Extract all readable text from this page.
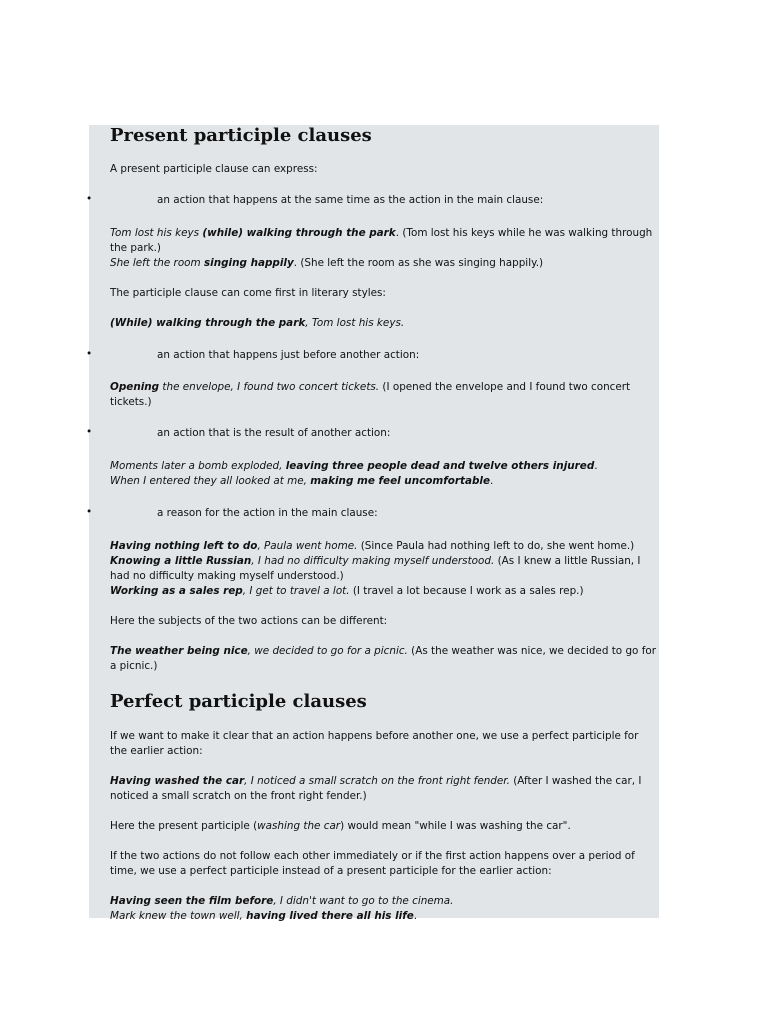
Present participle clauses

A present participle clause can express:

•	an action that happens at the same time as the action in the main clause:

Tom lost his keys (while) walking through the park. (Tom lost his keys while he was walking through the park.)

She left the room singing happily. (She left the room as she was singing happily.)

The participle clause can come first in literary styles:

(While) walking through the park, Tom lost his keys.

•	an action that happens just before another action:

Opening the envelope, I found two concert tickets. (I opened the envelope and I found two concert tickets.)

•	an action that is the result of another action:

Moments later a bomb exploded, leaving three people dead and twelve others injured.

When I entered they all looked at me, making me feel uncomfortable.

•	a reason for the action in the main clause:

Having nothing left to do, Paula went home. (Since Paula had nothing left to do, she went home.)

Knowing a little Russian, I had no difficulty making myself understood. (As I knew a little Russian, I had no difficulty making myself understood.)

Working as a sales rep, I get to travel a lot. (I travel a lot because I work as a sales rep.)

Here the subjects of the two actions can be different:

The weather being nice, we decided to go for a picnic. (As the weather was nice, we decided to go for a picnic.)

Perfect participle clauses

If we want to make it clear that an action happens before another one, we use a perfect participle for the earlier action:

Having washed the car, I noticed a small scratch on the front right fender. (After I washed the car, I noticed a small scratch on the front right fender.)

Here the present participle (washing the car) would mean "while I was washing the car".

If the two actions do not follow each other immediately or if the first action happens over a period of time, we use a perfect participle instead of a present participle for the earlier action:

Having seen the film before, I didn't want to go to the cinema.

Mark knew the town well, having lived there all his life.
